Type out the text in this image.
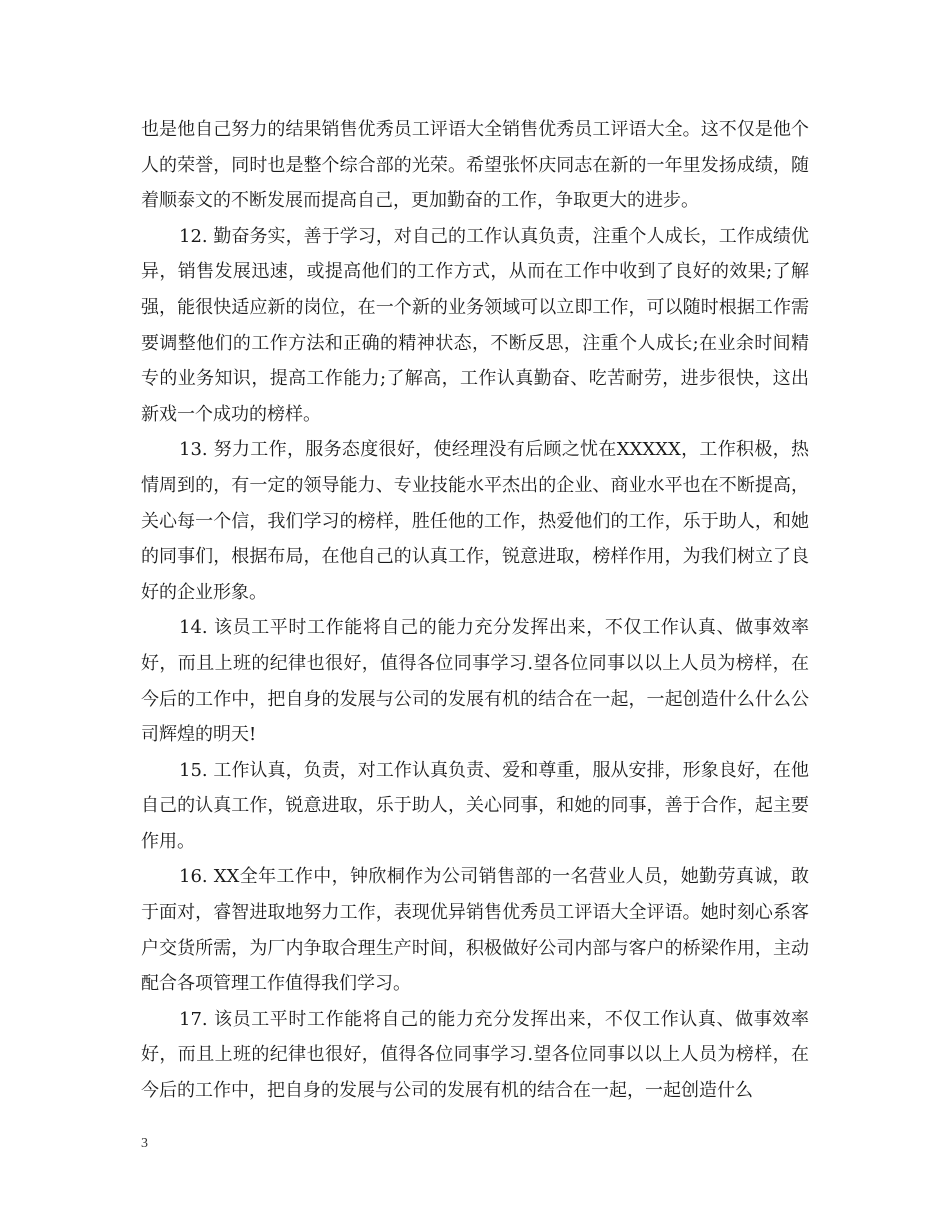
也是他自己努力的结果销售优秀员工评语大全销售优秀员工评语大全。这不仅是他个人的荣誉，同时也是整个综合部的光荣。希望张怀庆同志在新的一年里发扬成绩，随着顺泰文的不断发展而提高自己，更加勤奋的工作，争取更大的进步。

12. 勤奋务实，善于学习，对自己的工作认真负责，注重个人成长，工作成绩优异，销售发展迅速，或提高他们的工作方式，从而在工作中收到了良好的效果;了解强，能很快适应新的岗位，在一个新的业务领域可以立即工作，可以随时根据工作需要调整他们的工作方法和正确的精神状态，不断反思，注重个人成长;在业余时间精专的业务知识，提高工作能力;了解高，工作认真勤奋、吃苦耐劳，进步很快，这出新戏一个成功的榜样。

13. 努力工作，服务态度很好，使经理没有后顾之忧在XXXXX，工作积极，热情周到的，有一定的领导能力、专业技能水平杰出的企业、商业水平也在不断提高，关心每一个信，我们学习的榜样，胜任他的工作，热爱他们的工作，乐于助人，和她的同事们，根据布局，在他自己的认真工作，锐意进取，榜样作用，为我们树立了良好的企业形象。

14. 该员工平时工作能将自己的能力充分发挥出来，不仅工作认真、做事效率好，而且上班的纪律也很好，值得各位同事学习.望各位同事以以上人员为榜样，在今后的工作中，把自身的发展与公司的发展有机的结合在一起，一起创造什么什么公司辉煌的明天!

15. 工作认真，负责，对工作认真负责、爱和尊重，服从安排，形象良好，在他自己的认真工作，锐意进取，乐于助人，关心同事，和她的同事，善于合作，起主要作用。

16. XX全年工作中，钟欣桐作为公司销售部的一名营业人员，她勤劳真诚，敢于面对，睿智进取地努力工作，表现优异销售优秀员工评语大全评语。她时刻心系客户交货所需，为厂内争取合理生产时间，积极做好公司内部与客户的桥梁作用，主动配合各项管理工作值得我们学习。

17. 该员工平时工作能将自己的能力充分发挥出来，不仅工作认真、做事效率好，而且上班的纪律也很好，值得各位同事学习.望各位同事以以上人员为榜样，在今后的工作中，把自身的发展与公司的发展有机的结合在一起，一起创造什么

3
